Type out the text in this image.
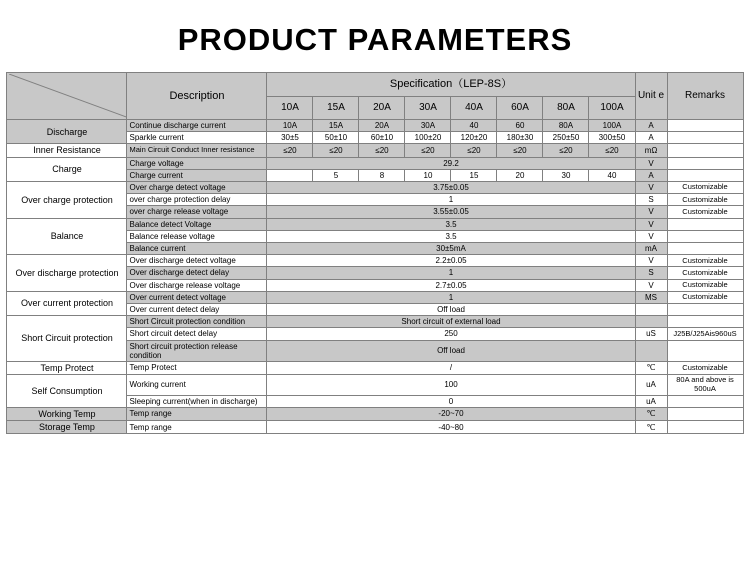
PRODUCT PARAMETERS
	Description	Specification（LEP-8S）								Unit e	Remarks
		10A	15A	20A	30A	40A	60A	80A	100A		
Discharge	Continue discharge current	10A	15A	20A	30A	40	60	80A	100A	A	
	Sparkle current	30±5	50±10	60±10	100±20	120±20	180±30	250±50	300±50	A	
Inner Resistance	Main Circuit Conduct Inner resistance	≤20	≤20	≤20	≤20	≤20	≤20	≤20	≤20	mΩ	
Charge	Charge voltage	29.2								V	
	Charge current		5	8	10	15	20	30	40	A	
Over charge protection	Over charge detect voltage	3.75±0.05								V	Customizable
	over charge protection delay	1								S	Customizable
	over charge release voltage	3.55±0.05								V	Customizable
Balance	Balance detect Voltage	3.5								V	
	Balance release voltage	3.5								V	
	Balance current	30±5mA								mA	
Over discharge protection	Over discharge detect voltage	2.2±0.05								V	Customizable
	Over discharge detect delay	1								S	Customizable
	Over discharge release voltage	2.7±0.05								V	Customizable
Over current protection	Over current detect voltage	1								MS	Customizable
	Over current detect delay	Off load									
Short Circuit protection	Short Circuit protection condition	Short circuit of external load									
	Short circuit detect delay	250								uS	J25B/J25Ais960uS
	Short circuit protection release condition	Off load									
Temp Protect	Temp Protect	/								℃	Customizable
Self Consumption	Working current	100								uA	80A and above is 500uA
	Sleeping current(when in discharge)	0								uA	
Working Temp	Temp range	-20~70								℃	
Storage Temp	Temp range	-40~80								℃	
